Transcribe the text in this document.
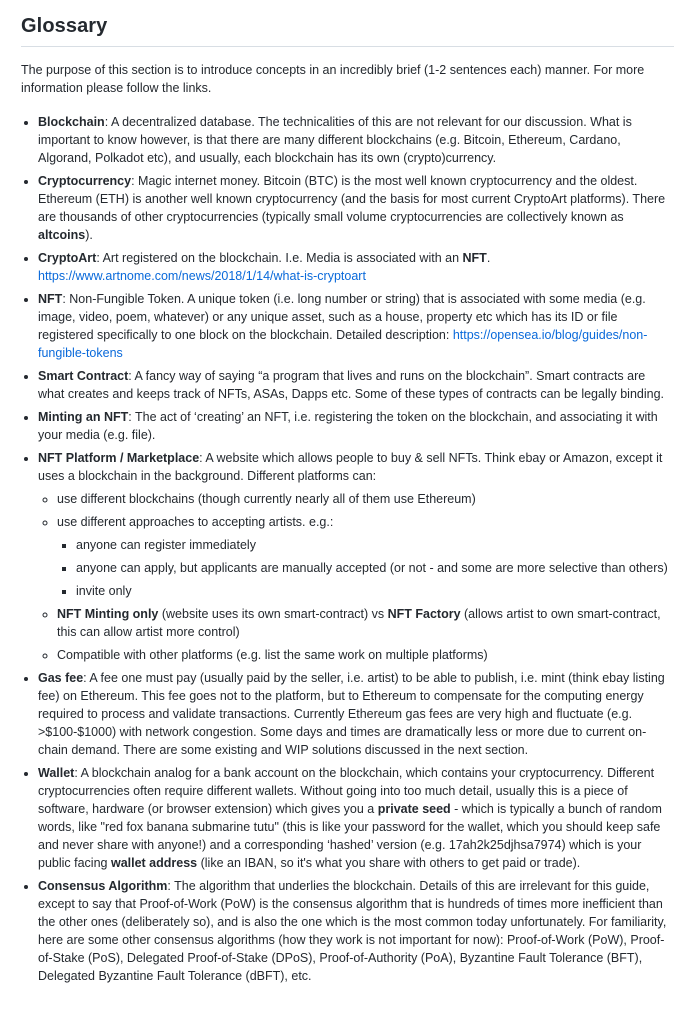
Glossary

The purpose of this section is to introduce concepts in an incredibly brief (1-2 sentences each) manner. For more information please follow the links.

• Blockchain: A decentralized database. The technicalities of this are not relevant for our discussion. What is important to know however, is that there are many different blockchains (e.g. Bitcoin, Ethereum, Cardano, Algorand, Polkadot etc), and usually, each blockchain has its own (crypto)currency.
• Cryptocurrency: Magic internet money. Bitcoin (BTC) is the most well known cryptocurrency and the oldest. Ethereum (ETH) is another well known cryptocurrency (and the basis for most current CryptoArt platforms). There are thousands of other cryptocurrencies (typically small volume cryptocurrencies are collectively known as altcoins).
• CryptoArt: Art registered on the blockchain. I.e. Media is associated with an NFT. https://www.artnome.com/news/2018/1/14/what-is-cryptoart
• NFT: Non-Fungible Token. A unique token (i.e. long number or string) that is associated with some media (e.g. image, video, poem, whatever) or any unique asset, such as a house, property etc which has its ID or file registered specifically to one block on the blockchain. Detailed description: https://opensea.io/blog/guides/non-fungible-tokens
• Smart Contract: A fancy way of saying “a program that lives and runs on the blockchain”. Smart contracts are what creates and keeps track of NFTs, ASAs, Dapps etc. Some of these types of contracts can be legally binding.
• Minting an NFT: The act of ‘creating’ an NFT, i.e. registering the token on the blockchain, and associating it with your media (e.g. file).
• NFT Platform / Marketplace: A website which allows people to buy & sell NFTs. Think ebay or Amazon, except it uses a blockchain in the background. Different platforms can:
◦ use different blockchains (though currently nearly all of them use Ethereum)
◦ use different approaches to accepting artists. e.g.:
▪ anyone can register immediately
▪ anyone can apply, but applicants are manually accepted (or not - and some are more selective than others)
▪ invite only
◦ NFT Minting only (website uses its own smart-contract) vs NFT Factory (allows artist to own smart-contract, this can allow artist more control)
◦ Compatible with other platforms (e.g. list the same work on multiple platforms)
• Gas fee: A fee one must pay (usually paid by the seller, i.e. artist) to be able to publish, i.e. mint (think ebay listing fee) on Ethereum. This fee goes not to the platform, but to Ethereum to compensate for the computing energy required to process and validate transactions. Currently Ethereum gas fees are very high and fluctuate (e.g. >$100-$1000) with network congestion. Some days and times are dramatically less or more due to current on-chain demand. There are some existing and WIP solutions discussed in the next section.
• Wallet: A blockchain analog for a bank account on the blockchain, which contains your cryptocurrency. Different cryptocurrencies often require different wallets. Without going into too much detail, usually this is a piece of software, hardware (or browser extension) which gives you a private seed - which is typically a bunch of random words, like "red fox banana submarine tutu" (this is like your password for the wallet, which you should keep safe and never share with anyone!) and a corresponding ‘hashed’ version (e.g. 17ah2k25djhsa7974) which is your public facing wallet address (like an IBAN, so it's what you share with others to get paid or trade).
• Consensus Algorithm: The algorithm that underlies the blockchain. Details of this are irrelevant for this guide, except to say that Proof-of-Work (PoW) is the consensus algorithm that is hundreds of times more inefficient than the other ones (deliberately so), and is also the one which is the most common today unfortunately. For familiarity, here are some other consensus algorithms (how they work is not important for now): Proof-of-Work (PoW), Proof-of-Stake (PoS), Delegated Proof-of-Stake (DPoS), Proof-of-Authority (PoA), Byzantine Fault Tolerance (BFT), Delegated Byzantine Fault Tolerance (dBFT), etc.
